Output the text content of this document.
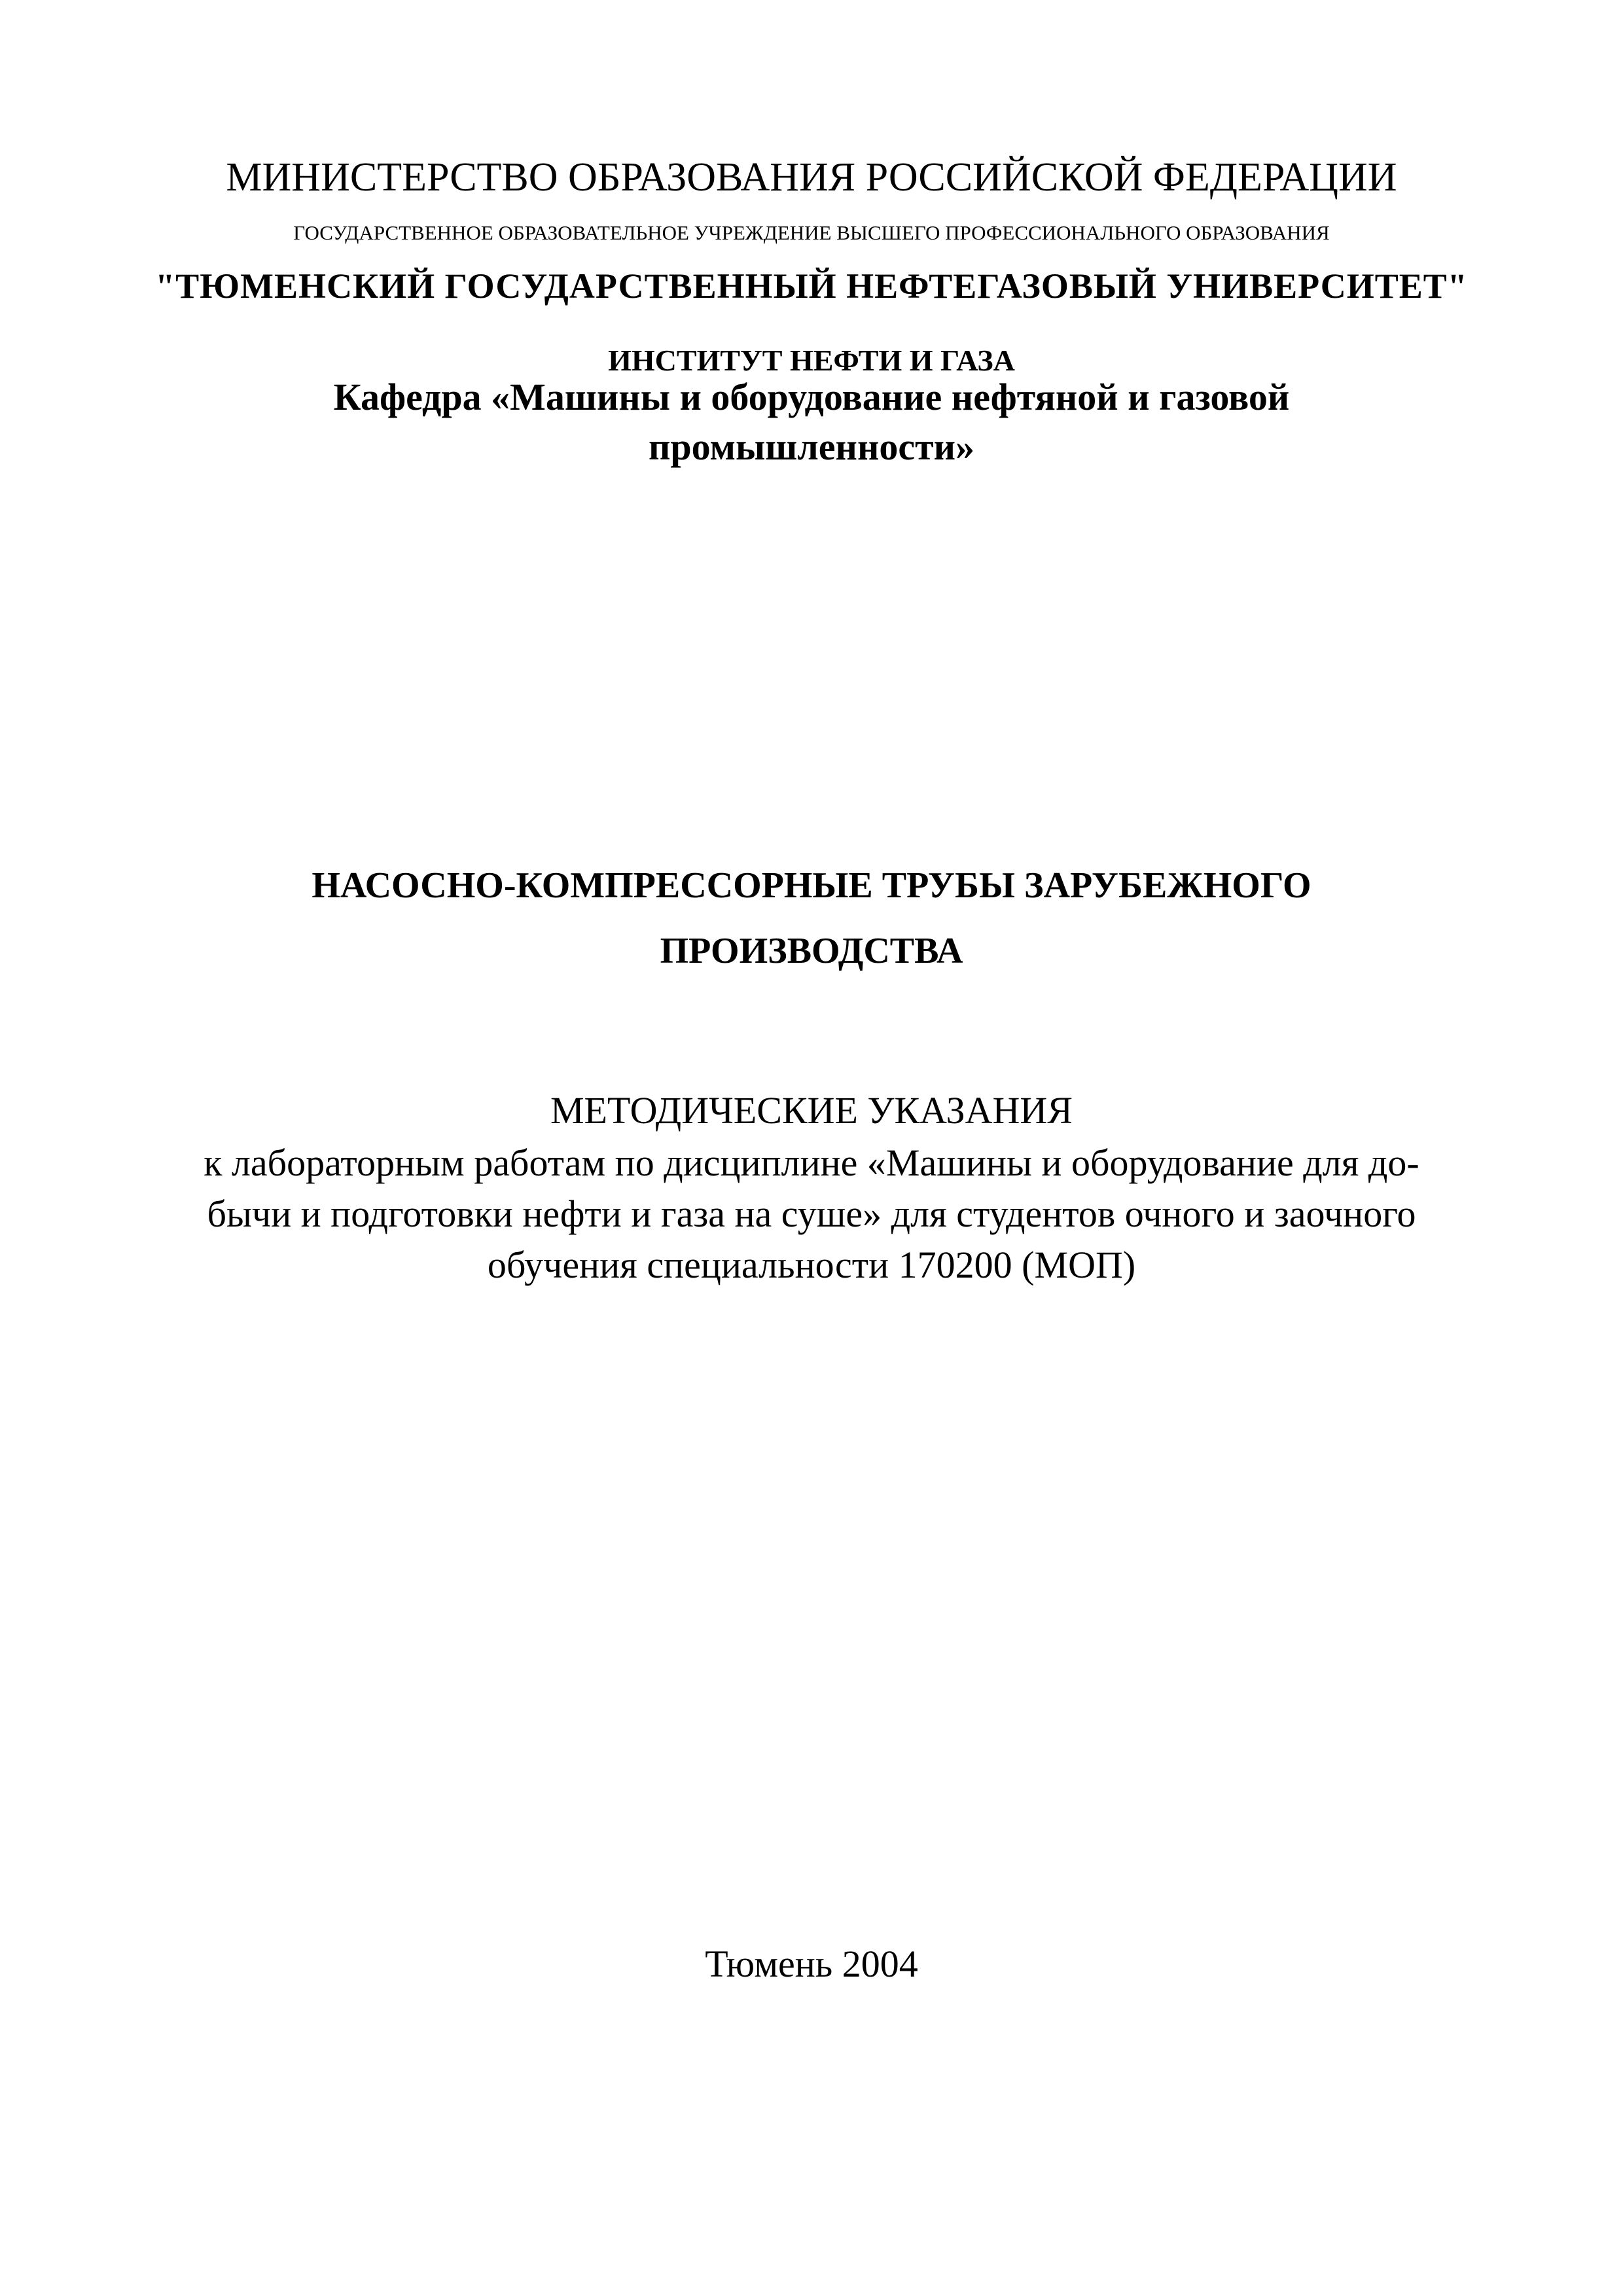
МИНИСТЕРСТВО ОБРАЗОВАНИЯ РОССИЙСКОЙ ФЕДЕРАЦИИ
ГОСУДАРСТВЕННОЕ ОБРАЗОВАТЕЛЬНОЕ УЧРЕЖДЕНИЕ ВЫСШЕГО ПРОФЕССИОНАЛЬНОГО ОБРАЗОВАНИЯ
"ТЮМЕНСКИЙ ГОСУДАРСТВЕННЫЙ НЕФТЕГАЗОВЫЙ УНИВЕРСИТЕТ"
ИНСТИТУТ НЕФТИ И ГАЗА
Кафедра «Машины и оборудование нефтяной и газовой
промышленности»
НАСОСНО-КОМПРЕССОРНЫЕ ТРУБЫ ЗАРУБЕЖНОГО
ПРОИЗВОДСТВА
МЕТОДИЧЕСКИЕ УКАЗАНИЯ
к лабораторным работам по дисциплине «Машины и оборудование для до-
бычи и подготовки нефти и газа на суше» для студентов очного и заочного
обучения специальности 170200 (МОП)
Тюмень 2004
